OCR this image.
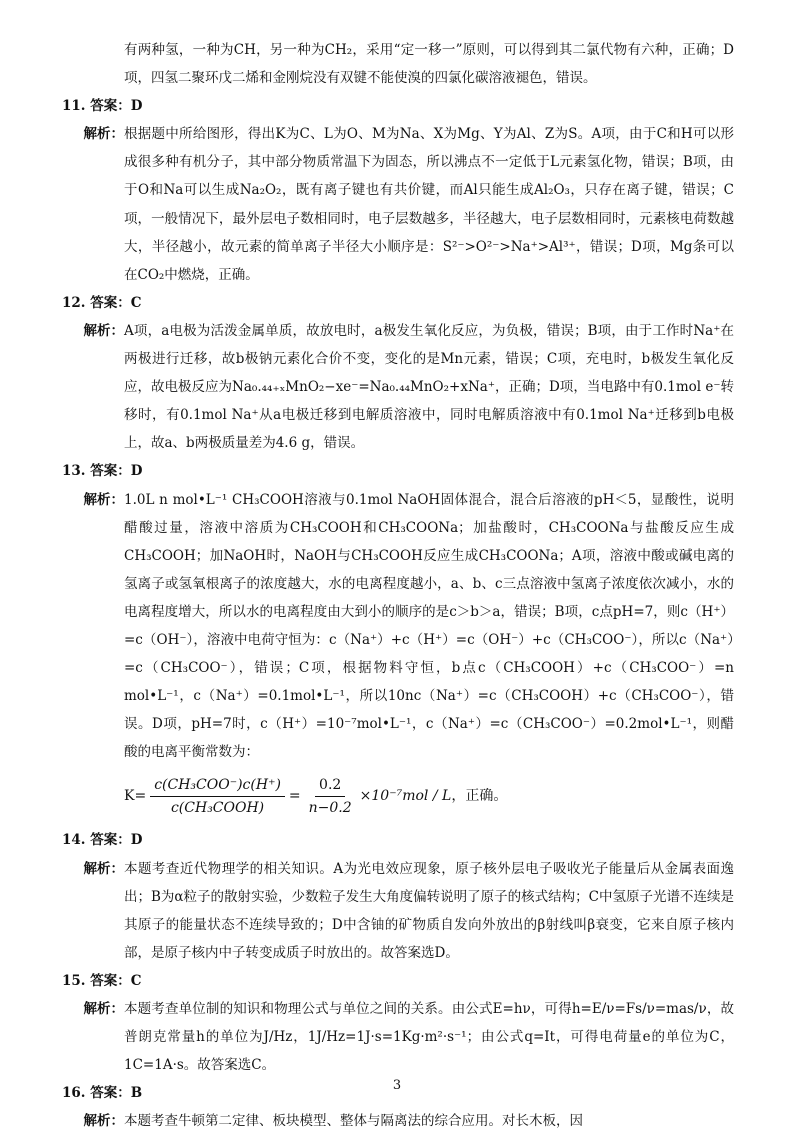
有两种氢，一种为CH，另一种为CH₂，采用“定一移一”原则，可以得到其二氯代物有六种，正确；D项，四氢二聚环戊二烯和金刚烷没有双键不能使溴的四氯化碳溶液褪色，错误。
11. 答案：D
解析： 根据题中所给图形，得出K为C、L为O、M为Na、X为Mg、Y为Al、Z为S。A项，由于C和H可以形成很多种有机分子，其中部分物质常温下为固态，所以沸点不一定低于L元素氢化物，错误；B项，由于O和Na可以生成Na₂O₂，既有离子键也有共价键，而Al只能生成Al₂O₃，只存在离子键，错误；C项，一般情况下，最外层电子数相同时，电子层数越多，半径越大，电子层数相同时，元素核电荷数越大，半径越小，故元素的简单离子半径大小顺序是：S²⁻>O²⁻>Na⁺>Al³⁺，错误；D项，Mg条可以在CO₂中燃烧，正确。
12. 答案：C
解析： A项，a电极为活泼金属单质，故放电时，a极发生氧化反应，为负极，错误；B项，由于工作时Na⁺在两极进行迁移，故b极钠元素化合价不变，变化的是Mn元素，错误；C项，充电时，b极发生氧化反应，故电极反应为Na₀.₄₄₊ₓMnO₂−xe⁻=Na₀.₄₄MnO₂+xNa⁺，正确；D项，当电路中有0.1mol e⁻转移时，有0.1mol Na⁺从a电极迁移到电解质溶液中，同时电解质溶液中有0.1mol Na⁺迁移到b电极上，故a、b两极质量差为4.6 g，错误。
13. 答案：D
解析： 1.0L n mol•L⁻¹ CH₃COOH溶液与0.1mol NaOH固体混合，混合后溶液的pH＜5，显酸性，说明醋酸过量，溶液中溶质为CH₃COOH和CH₃COONa；加盐酸时，CH₃COONa与盐酸反应生成CH₃COOH；加NaOH时，NaOH与CH₃COOH反应生成CH₃COONa；A项，溶液中酸或碱电离的氢离子或氢氧根离子的浓度越大，水的电离程度越小，a、b、c三点溶液中氢离子浓度依次减小，水的电离程度增大，所以水的电离程度由大到小的顺序的是c＞b＞a，错误；B项，c点pH=7，则c（H⁺）=c（OH⁻），溶液中电荷守恒为：c（Na⁺）+c（H⁺）=c（OH⁻）+c（CH₃COO⁻），所以c（Na⁺）=c（CH₃COO⁻），错误；C项，根据物料守恒，b点c（CH₃COOH）+c（CH₃COO⁻）=n mol•L⁻¹，c（Na⁺）=0.1mol•L⁻¹，所以10nc（Na⁺）=c（CH₃COOH）+c（CH₃COO⁻），错误。D项，pH=7时，c（H⁺）=10⁻⁷mol•L⁻¹，c（Na⁺）=c（CH₃COO⁻）=0.2mol•L⁻¹，则醋酸的电离平衡常数为：
$K= \frac{\text{c(CH₃COO⁻)c(H⁺)}}{\text{c(CH₃COOH)}} = \frac{0.2}{n-0.2} \times 10^{-7}mol / L$ ，正确。
14. 答案：D
解析： 本题考查近代物理学的相关知识。A为光电效应现象，原子核外层电子吸收光子能量后从金属表面逸出；B为α粒子的散射实验，少数粒子发生大角度偏转说明了原子的核式结构；C中氢原子光谱不连续是其原子的能量状态不连续导致的；D中含铀的矿物质自发向外放出的β射线叫β衰变，它来自原子核内部，是原子核内中子转变成质子时放出的。故答案选D。
15. 答案：C
解析： 本题考查单位制的知识和物理公式与单位之间的关系。由公式E=hν，可得h=E/ν=Fs/ν=mas/ν，故普朗克常量h的单位为J/Hz，1J/Hz=1J·s=1Kg·m²·s⁻¹；由公式q=It，可得电荷量e的单位为C，1C=1A·s。故答案选C。
16. 答案：B
解析： 本题考查牛顿第二定律、板块模型、整体与隔离法的综合应用。对长木板，因
3
